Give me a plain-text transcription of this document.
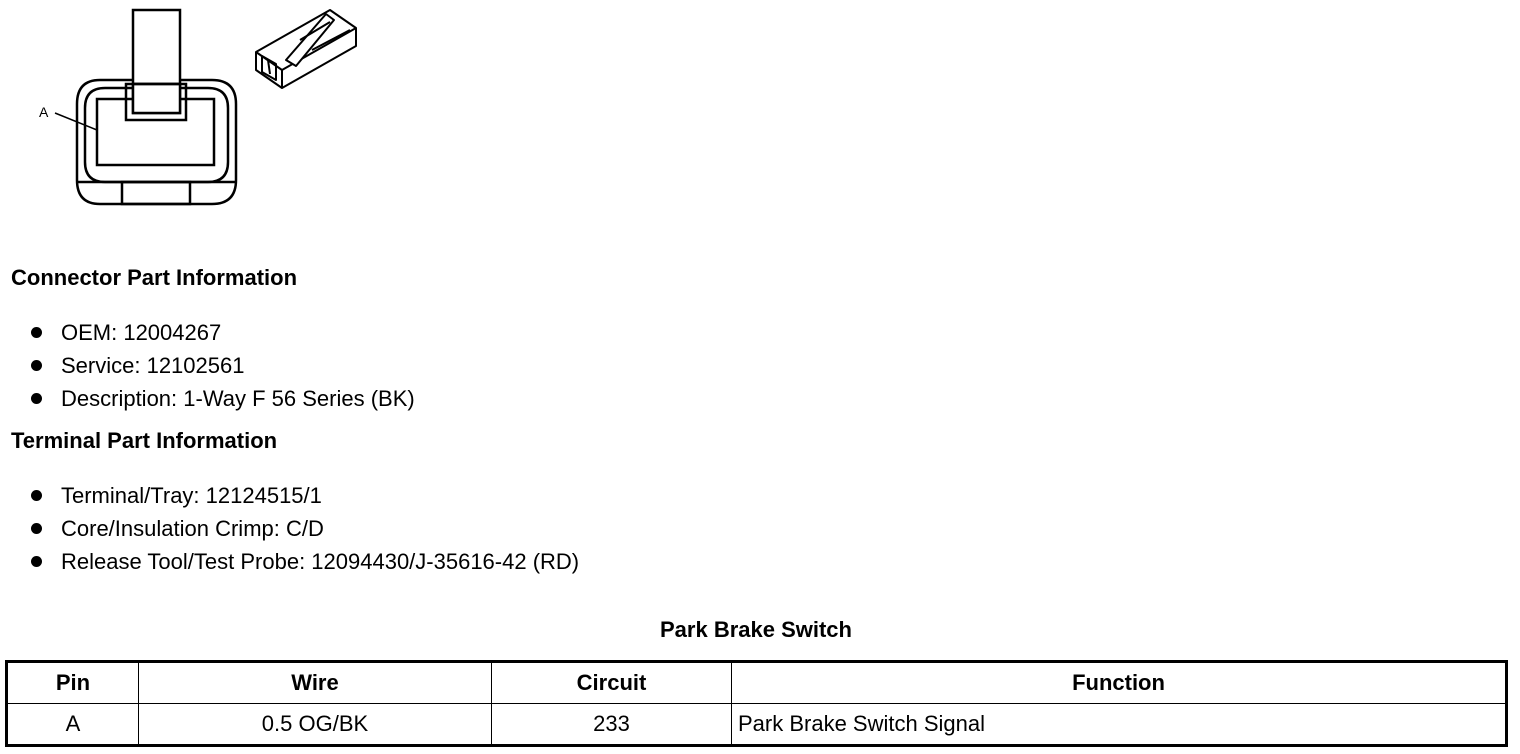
A
Connector Part Information
OEM: 12004267
Service: 12102561
Description: 1-Way F 56 Series (BK)
Terminal Part Information
Terminal/Tray: 12124515/1
Core/Insulation Crimp: C/D
Release Tool/Test Probe: 12094430/J-35616-42 (RD)
Park Brake Switch
Pin	Wire	Circuit	Function
A	0.5 OG/BK	233	Park Brake Switch Signal
